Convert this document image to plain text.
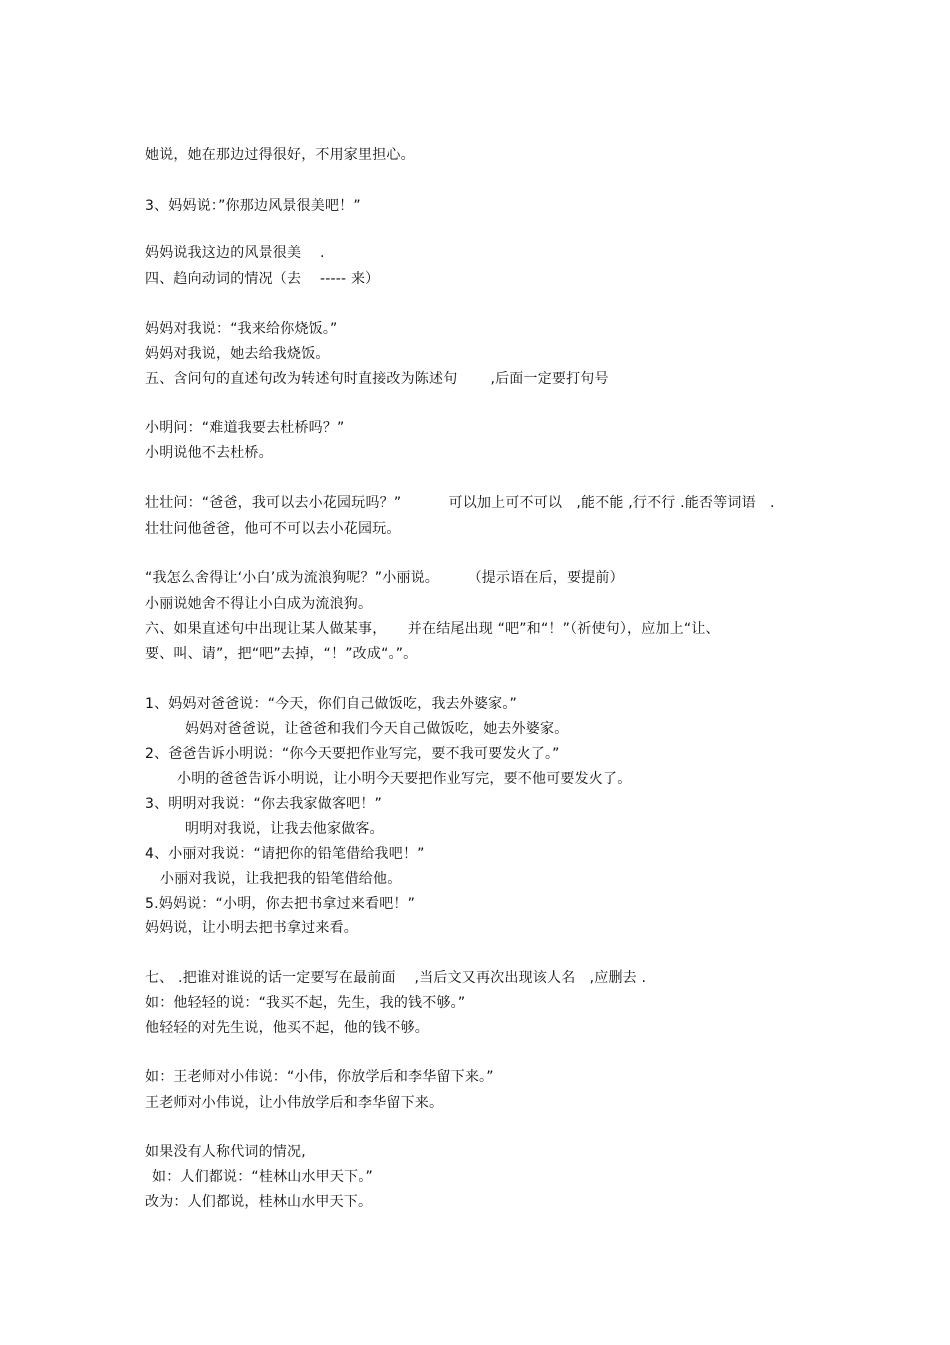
她说，她在那边过得很好，不用家里担心。
3、妈妈说：”你那边风景很美吧！”
妈妈说我这边的风景很美　 .
四、趋向动词的情况（去　 ----- 来）
妈妈对我说：“我来给你烧饭。”
妈妈对我说，她去给我烧饭。
五、含问句的直述句改为转述句时直接改为陈述句　　 ,后面一定要打句号
小明问：“难道我要去杜桥吗？”
小明说他不去杜桥。
壮壮问：“爸爸，我可以去小花园玩吗？”　　　 可以加上可不可以　,能不能 ,行不行 .能否等词语　.
壮壮问他爸爸，他可不可以去小花园玩。
“我怎么舍得让‘小白’成为流浪狗呢？”小丽说。　　　（提示语在后，要提前）
小丽说她舍不得让小白成为流浪狗。
六、如果直述句中出现让某人做某事，　　并在结尾出现 “吧”和“！”（祈使句），应加上“让、
要、叫、请”，把“吧”去掉，“！”改成“。”。
1、妈妈对爸爸说：“今天，你们自己做饭吃，我去外婆家。”
妈妈对爸爸说，让爸爸和我们今天自己做饭吃，她去外婆家。
2、爸爸告诉小明说：“你今天要把作业写完，要不我可要发火了。”
小明的爸爸告诉小明说，让小明今天要把作业写完，要不他可要发火了。
3、明明对我说：“你去我家做客吧！”
明明对我说，让我去他家做客。
4、小丽对我说：“请把你的铅笔借给我吧！”
小丽对我说，让我把我的铅笔借给他。
5.妈妈说：“小明，你去把书拿过来看吧！”
妈妈说，让小明去把书拿过来看。
七、 .把谁对谁说的话一定要写在最前面　 ,当后文又再次出现该人名　,应删去 .
如：他轻轻的说：“我买不起，先生，我的钱不够。”
他轻轻的对先生说，他买不起，他的钱不够。
如：王老师对小伟说：“小伟，你放学后和李华留下来。”
王老师对小伟说，让小伟放学后和李华留下来。
如果没有人称代词的情况,
如：人们都说：“桂林山水甲天下。”
改为：人们都说，桂林山水甲天下。
